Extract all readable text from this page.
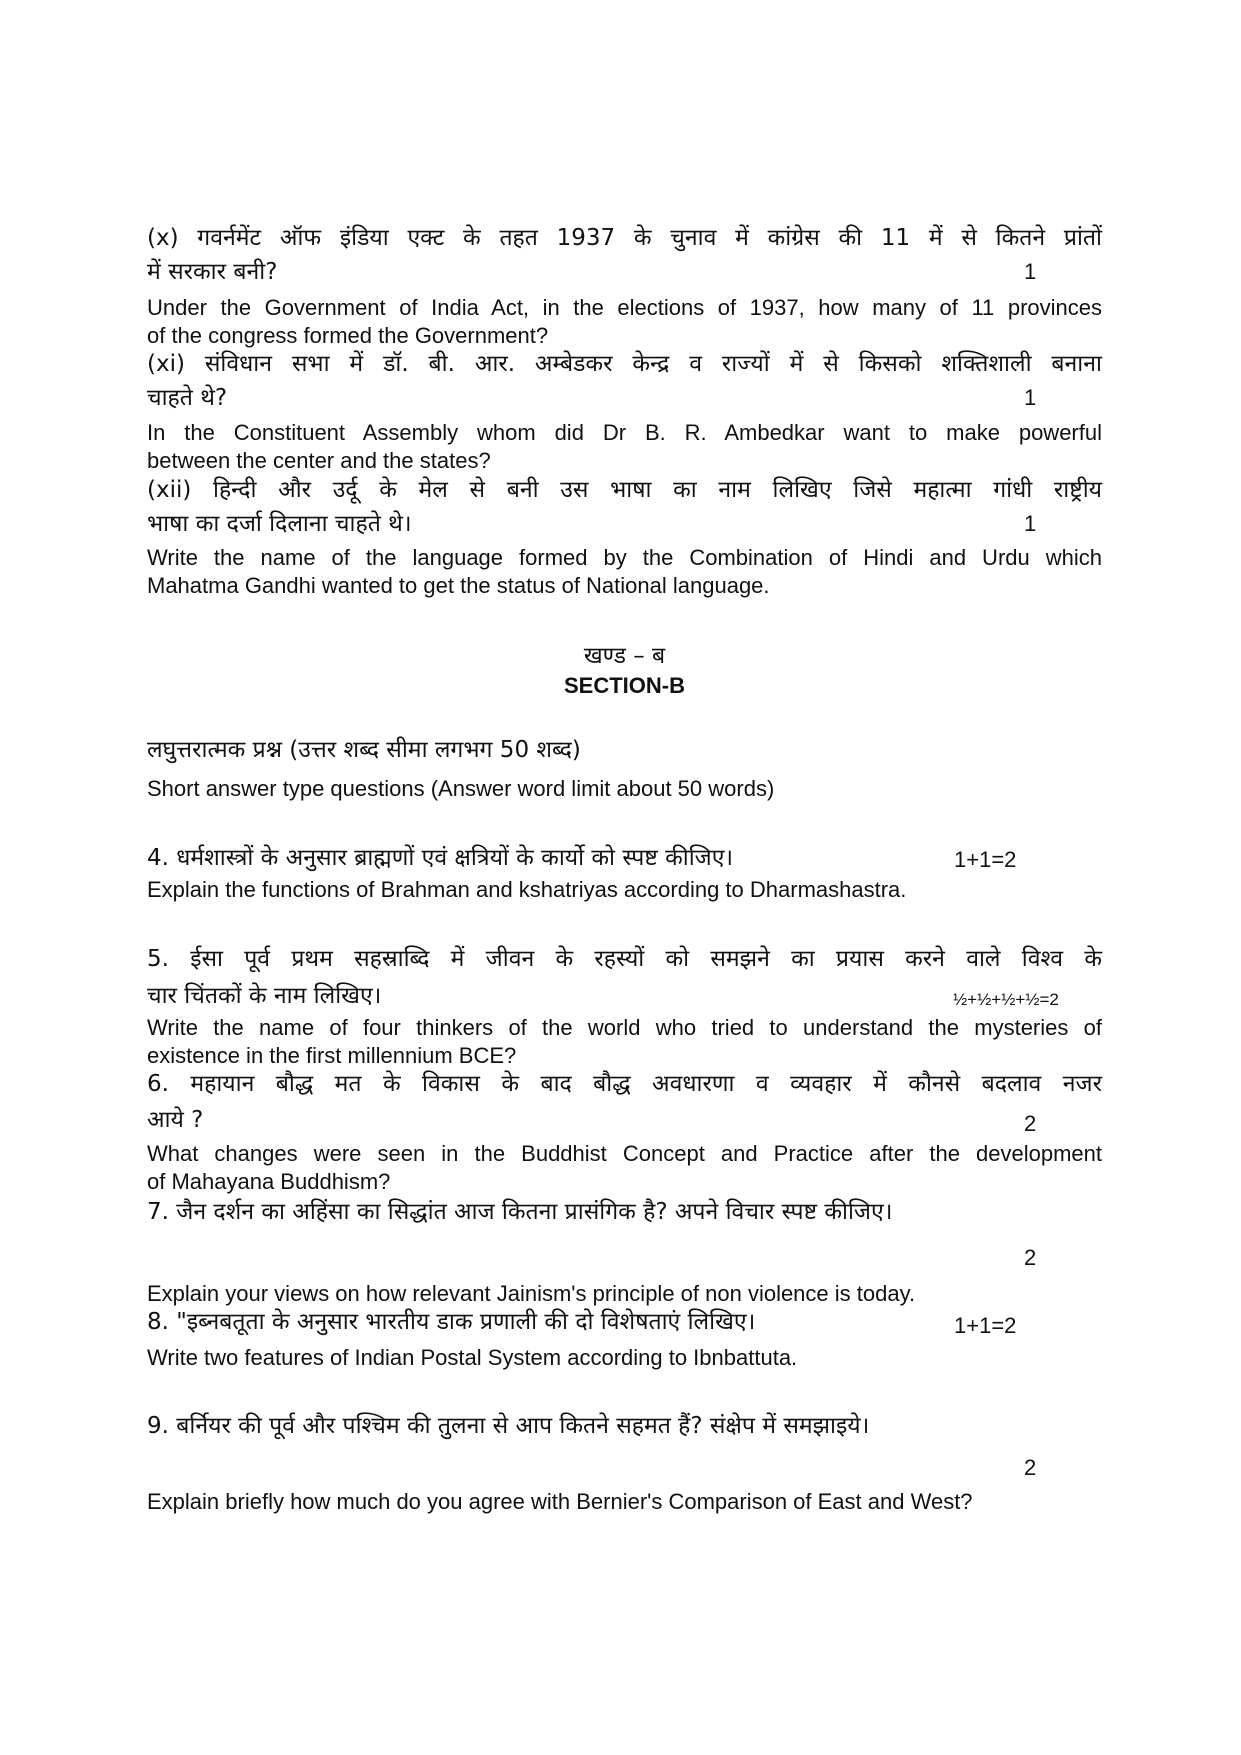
(x) गवर्नमेंट ऑफ इंडिया एक्ट के तहत 1937 के चुनाव में कांग्रेस की 11 में से कितने प्रांतों
में सरकार बनी?	1
Under the Government of India Act, in the elections of 1937, how many of 11 provinces
of the congress formed the Government?
(xi) संविधान सभा में डॉ. बी. आर. अम्बेडकर केन्द्र व राज्यों में से किसको शक्तिशाली बनाना
चाहते थे?	1
In the Constituent Assembly whom did Dr B. R. Ambedkar want to make powerful
between the center and the states?
(xii) हिन्दी और उर्दू के मेल से बनी उस भाषा का नाम लिखिए जिसे महात्मा गांधी राष्ट्रीय
भाषा का दर्जा दिलाना चाहते थे।	1
Write the name of the language formed by the Combination of Hindi and Urdu which
Mahatma Gandhi wanted to get the status of National language.
खण्ड – ब
SECTION-B
लघुत्तरात्मक प्रश्न (उत्तर शब्द सीमा लगभग 50 शब्द)
Short answer type questions (Answer word limit about 50 words)
4. धर्मशास्त्रों के अनुसार ब्राह्मणों एवं क्षत्रियों के कार्यो को स्पष्ट कीजिए।	1+1=2
Explain the functions of Brahman and kshatriyas according to Dharmashastra.
5. ईसा पूर्व प्रथम सहस्राब्दि में जीवन के रहस्यों को समझने का प्रयास करने वाले विश्व के
चार चिंतकों के नाम लिखिए।	½+½+½+½=2
Write the name of four thinkers of the world who tried to understand the mysteries of
existence in the first millennium BCE?
6. महायान बौद्ध मत के विकास के बाद बौद्ध अवधारणा व व्यवहार में कौनसे बदलाव नजर
आये ?	2
What changes were seen in the Buddhist Concept and Practice after the development
of Mahayana Buddhism?
7. जैन दर्शन का अहिंसा का सिद्धांत आज कितना प्रासंगिक है? अपने विचार स्पष्ट कीजिए।
2
Explain your views on how relevant Jainism's principle of non violence is today.
8. "इब्नबतूता के अनुसार भारतीय डाक प्रणाली की दो विशेषताएं लिखिए।	1+1=2
Write two features of Indian Postal System according to Ibnbattuta.
9. बर्नियर की पूर्व और पश्चिम की तुलना से आप कितने सहमत हैं? संक्षेप में समझाइये।
2
Explain briefly how much do you agree with Bernier's Comparison of East and West?
